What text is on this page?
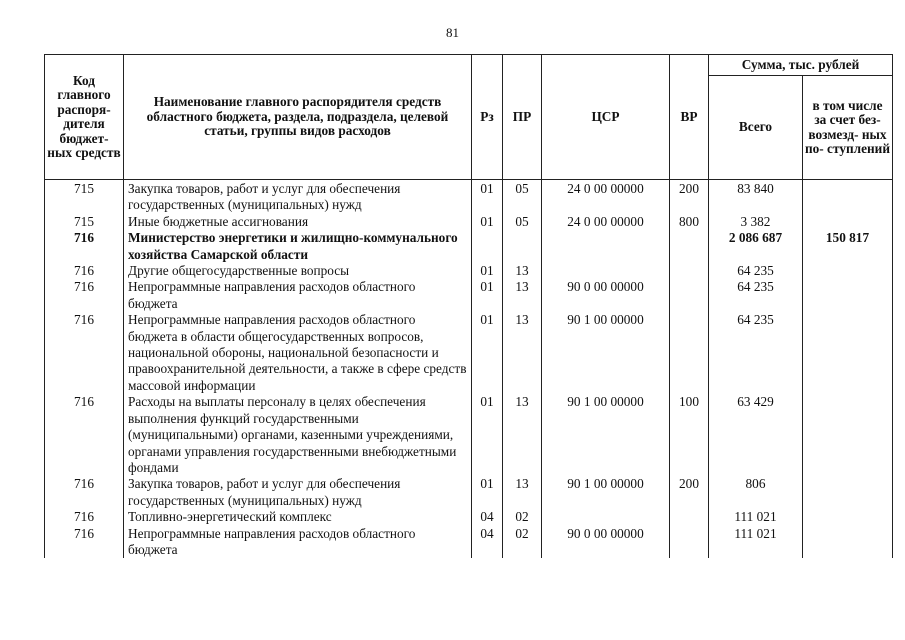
81
Код главного распоря- дителя бюджет- ных средств	Наименование главного распорядителя средств областного бюджета, раздела, подраздела, целевой статьи, группы видов расходов	Рз	ПР	ЦСР	ВР	Сумма, тыс. рублей	
						Всего	в том числе за счет без- возмезд- ных по- ступлений
715	Закупка товаров, работ и услуг для обеспечения государственных (муниципальных) нужд	01	05	24 0 00 00000	200	83 840	
715	Иные бюджетные ассигнования	01	05	24 0 00 00000	800	3 382	
716	Министерство энергетики и жилищно-коммунального хозяйства Самарской области					2 086 687	150 817
716	Другие общегосударственные вопросы	01	13			64 235	
716	Непрограммные направления расходов областного бюджета	01	13	90 0 00 00000		64 235	
716	Непрограммные направления расходов областного бюджета в области общегосударственных вопросов, национальной обороны, национальной безопасности и правоохранительной деятельности, а также в сфере средств массовой информации	01	13	90 1 00 00000		64 235	
716	Расходы на выплаты персоналу в целях обеспечения выполнения функций государственными (муниципальными) органами, казенными учреждениями, органами управления государственными внебюджетными фондами	01	13	90 1 00 00000	100	63 429	
716	Закупка товаров, работ и услуг для обеспечения государственных (муниципальных) нужд	01	13	90 1 00 00000	200	806	
716	Топливно-энергетический комплекс	04	02			111 021	
716	Непрограммные направления расходов областного бюджета	04	02	90 0 00 00000		111 021	
